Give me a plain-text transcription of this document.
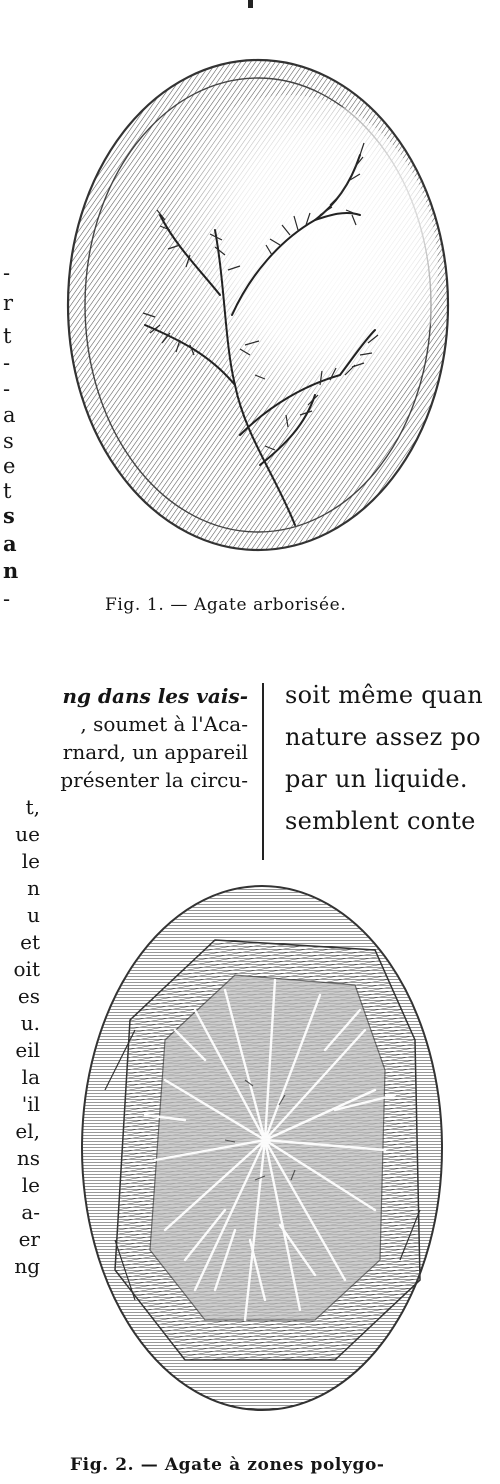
-
r
t
-
-
a
s
e
t
s
a
n
-	Fig. 1. — Agate arborisée.
ng dans les vais-
, soumet à l'Aca-
rnard, un appareil
présenter la circu-
t,
ue
le
n
u
et
oit
es
u.
eil
la
'il
el,
ns
le
a-
er
ng
soit même quan
nature assez po
par un liquide.
semblent conte
Fig. 2. — Agate à zones polygo-
